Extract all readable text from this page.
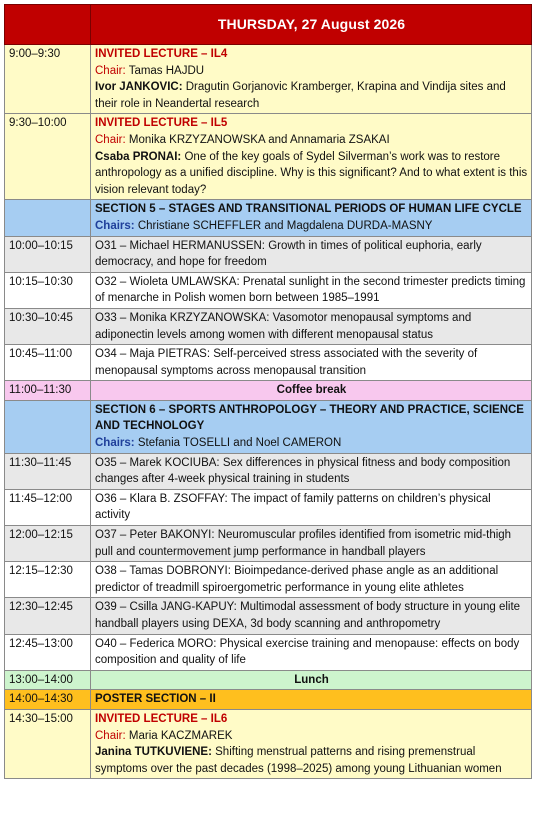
	THURSDAY, 27 August 2026
9:00–9:30	INVITED LECTURE – IL4
Chair: Tamas HAJDU
Ivor JANKOVIC: Dragutin Gorjanovic Kramberger, Krapina and Vindija sites and their role in Neandertal research

9:30–10:00	INVITED LECTURE – IL5
Chair: Monika KRZYZANOWSKA and Annamaria ZSAKAI
Csaba PRONAI: One of the key goals of Sydel Silverman’s work was to restore anthropology as a unified discipline. Why is this significant? And to what extent is this vision relevant today?

	SECTION 5 – STAGES AND TRANSITIONAL PERIODS OF HUMAN LIFE CYCLE
Chairs: Christiane SCHEFFLER and Magdalena DURDA-MASNY

10:00–10:15	O31 – Michael HERMANUSSEN: Growth in times of political euphoria, early democracy, and hope for freedom
10:15–10:30	O32 – Wioleta UMLAWSKA: Prenatal sunlight in the second trimester predicts timing of menarche in Polish women born between 1985–1991
10:30–10:45	O33 – Monika KRZYZANOWSKA: Vasomotor menopausal symptoms and adiponectin levels among women with different menopausal status
10:45–11:00	O34 – Maja PIETRAS: Self-perceived stress associated with the severity of menopausal symptoms across menopausal transition
11:00–11:30	Coffee break

	SECTION 6 – SPORTS ANTHROPOLOGY – THEORY AND PRACTICE, SCIENCE AND TECHNOLOGY
Chairs: Stefania TOSELLI and Noel CAMERON

11:30–11:45	O35 – Marek KOCIUBA: Sex differences in physical fitness and body composition changes after 4-week physical training in students
11:45–12:00	O36 – Klara B. ZSOFFAY: The impact of family patterns on children’s physical activity
12:00–12:15	O37 – Peter BAKONYI: Neuromuscular profiles identified from isometric mid-thigh pull and countermovement jump performance in handball players
12:15–12:30	O38 – Tamas DOBRONYI: Bioimpedance-derived phase angle as an additional predictor of treadmill spiroergometric performance in young elite athletes
12:30–12:45	O39 – Csilla JANG-KAPUY: Multimodal assessment of body structure in young elite handball players using DEXA, 3d body scanning and anthropometry
12:45–13:00	O40 – Federica MORO: Physical exercise training and menopause: effects on body composition and quality of life
13:00–14:00	Lunch
14:00–14:30	POSTER SECTION – II
14:30–15:00	INVITED LECTURE – IL6
Chair: Maria KACZMAREK
Janina TUTKUVIENE: Shifting menstrual patterns and rising premenstrual symptoms over the past decades (1998–2025) among young Lithuanian women
